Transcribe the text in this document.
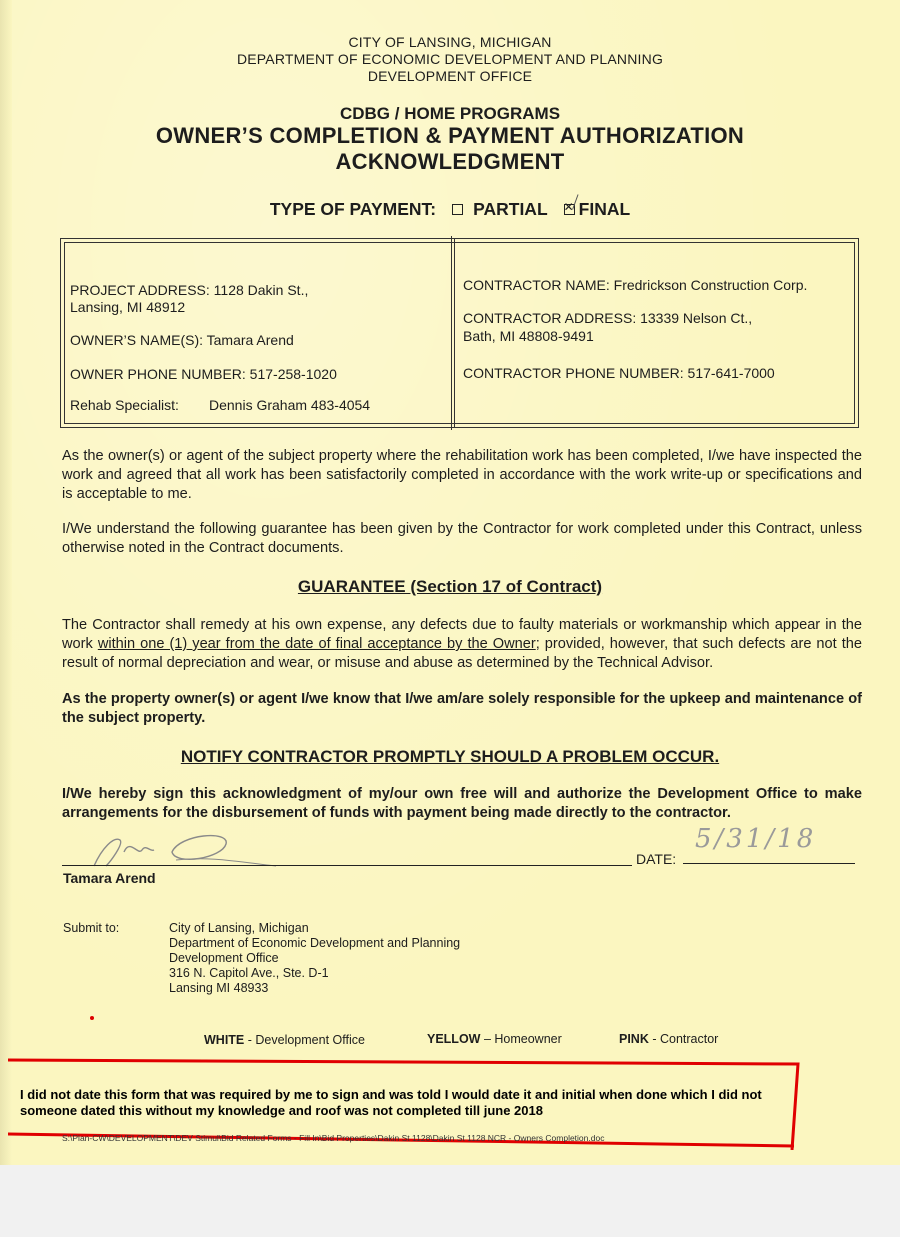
CITY OF LANSING, MICHIGAN
DEPARTMENT OF ECONOMIC DEVELOPMENT AND PLANNING
DEVELOPMENT OFFICE
CDBG / HOME PROGRAMS
OWNER’S COMPLETION & PAYMENT AUTHORIZATION
ACKNOWLEDGMENT
TYPE OF PAYMENT: PARTIAL
✕ FINAL
PROJECT ADDRESS: 1128 Dakin St.,
Lansing, MI 48912
OWNER’S NAME(S): Tamara Arend
OWNER PHONE NUMBER: 517-258-1020
Rehab Specialist: Dennis Graham 483-4054
CONTRACTOR NAME: Fredrickson Construction Corp.
CONTRACTOR ADDRESS: 13339 Nelson Ct.,
Bath, MI 48808-9491
CONTRACTOR PHONE NUMBER: 517-641-7000
As the owner(s) or agent of the subject property where the rehabilitation work has been completed, I/we have inspected the work and agreed that all work has been satisfactorily completed in accordance with the work write-up or specifications and is acceptable to me.
I/We understand the following guarantee has been given by the Contractor for work completed under this Contract, unless otherwise noted in the Contract documents.
GUARANTEE (Section 17 of Contract)
The Contractor shall remedy at his own expense, any defects due to faulty materials or workmanship which appear in the work within one (1) year from the date of final acceptance by the Owner; provided, however, that such defects are not the result of normal depreciation and wear, or misuse and abuse as determined by the Technical Advisor.
As the property owner(s) or agent I/we know that I/we am/are solely responsible for the upkeep and maintenance of the subject property.
NOTIFY CONTRACTOR PROMPTLY SHOULD A PROBLEM OCCUR.
I/We hereby sign this acknowledgment of my/our own free will and authorize the Development Office to make arrangements for the disbursement of funds with payment being made directly to the contractor.
DATE:
5/31/18
Tamara Arend
Submit to:	City of Lansing, Michigan
Department of Economic Development and Planning
Development Office
316 N. Capitol Ave., Ste. D-1
Lansing MI 48933
WHITE - Development Office	YELLOW – Homeowner	PINK - Contractor
I did not date this form that was required by me to sign and was told I would date it and initial when done which I did not someone dated this without my knowledge and roof was not completed till june 2018
S:\Plan-CW\DEVELOPMENT\DEV Stimul\Bid Related Forms - Fill In\Bid Properties\Dakin St 1128\Dakin St 1128 NCR - Owners Completion.doc
